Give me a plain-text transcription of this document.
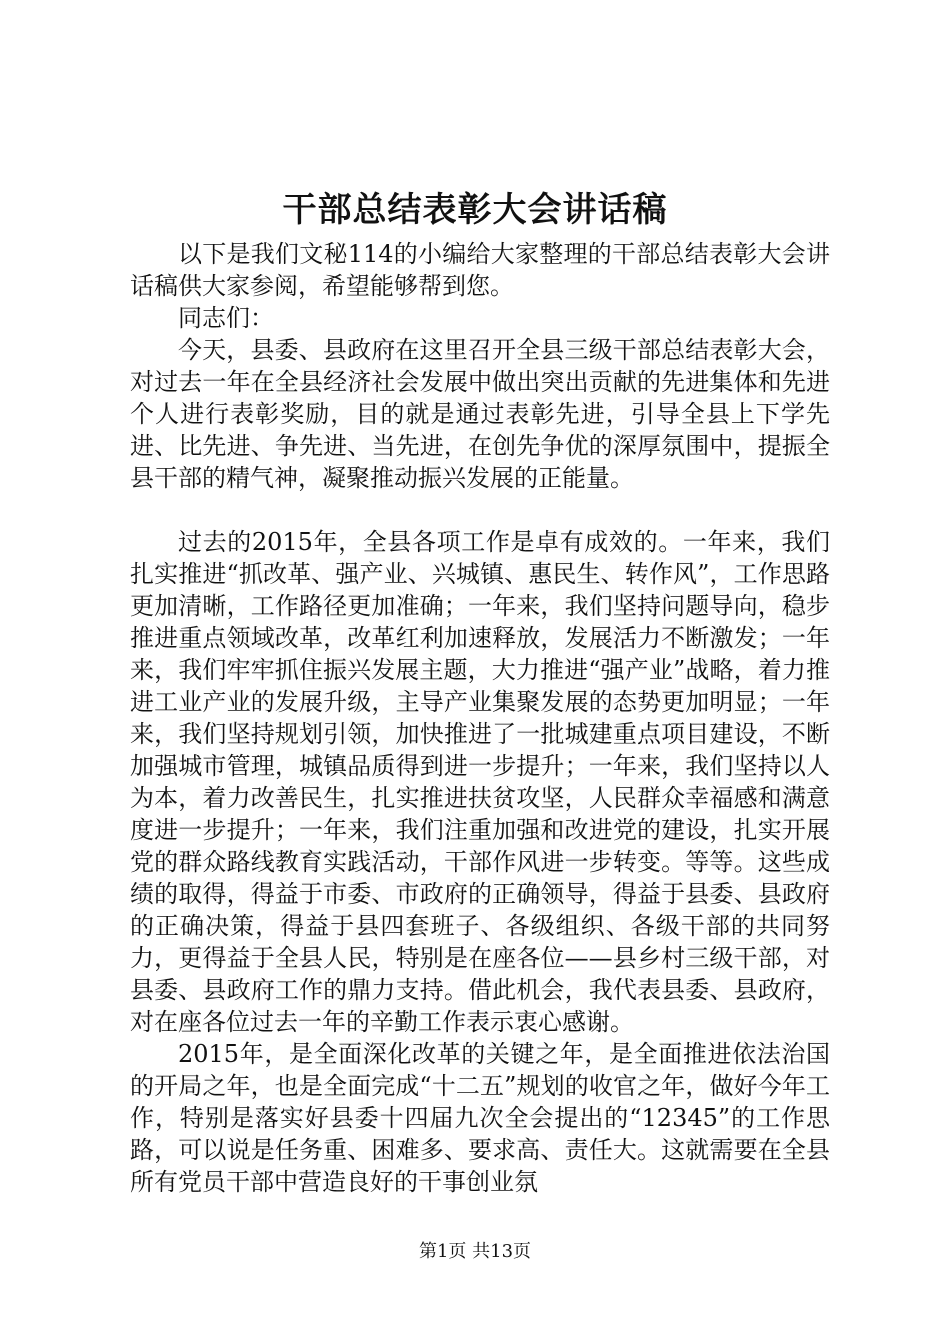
干部总结表彰大会讲话稿

以下是我们文秘114的小编给大家整理的干部总结表彰大会讲话稿供大家参阅，希望能够帮到您。

同志们：

今天，县委、县政府在这里召开全县三级干部总结表彰大会，对过去一年在全县经济社会发展中做出突出贡献的先进集体和先进个人进行表彰奖励，目的就是通过表彰先进，引导全县上下学先进、比先进、争先进、当先进，在创先争优的深厚氛围中，提振全县干部的精气神，凝聚推动振兴发展的正能量。

过去的2015年，全县各项工作是卓有成效的。一年来，我们扎实推进“抓改革、强产业、兴城镇、惠民生、转作风”，工作思路更加清晰，工作路径更加准确；一年来，我们坚持问题导向，稳步推进重点领域改革，改革红利加速释放，发展活力不断激发；一年来，我们牢牢抓住振兴发展主题，大力推进“强产业”战略，着力推进工业产业的发展升级，主导产业集聚发展的态势更加明显；一年来，我们坚持规划引领，加快推进了一批城建重点项目建设，不断加强城市管理，城镇品质得到进一步提升；一年来，我们坚持以人为本，着力改善民生，扎实推进扶贫攻坚，人民群众幸福感和满意度进一步提升；一年来，我们注重加强和改进党的建设，扎实开展党的群众路线教育实践活动，干部作风进一步转变。等等。这些成绩的取得，得益于市委、市政府的正确领导，得益于县委、县政府的正确决策，得益于县四套班子、各级组织、各级干部的共同努力，更得益于全县人民，特别是在座各位——县乡村三级干部，对县委、县政府工作的鼎力支持。借此机会，我代表县委、县政府，对在座各位过去一年的辛勤工作表示衷心感谢。

2015年，是全面深化改革的关键之年，是全面推进依法治国的开局之年，也是全面完成“十二五”规划的收官之年，做好今年工作，特别是落实好县委十四届九次全会提出的“12345”的工作思路，可以说是任务重、困难多、要求高、责任大。这就需要在全县所有党员干部中营造良好的干事创业氛

第1页 共13页
